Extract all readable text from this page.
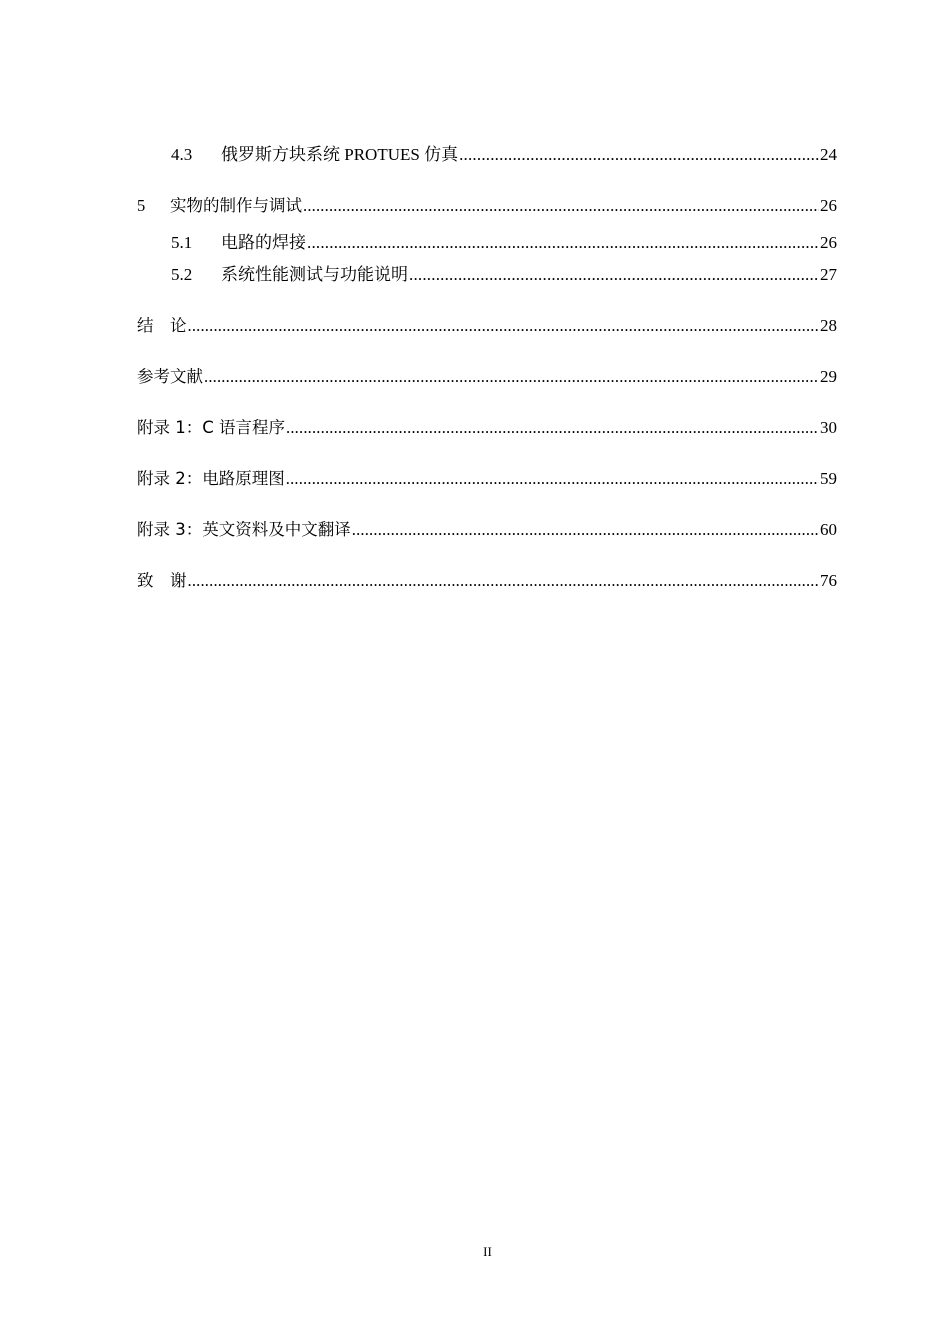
4.3	俄罗斯方块系统 PROTUES 仿真 .....	24
5	实物的制作与调试 .....	26
5.1	电路的焊接 .....	26
5.2	系统性能测试与功能说明 .....	27
结　论 .....	28
参考文献 .....	29
附录 1：C 语言程序 .....	30
附录 2：电路原理图 .....	59
附录 3：英文资料及中文翻译 .....	60
致　谢 .....	76
II
